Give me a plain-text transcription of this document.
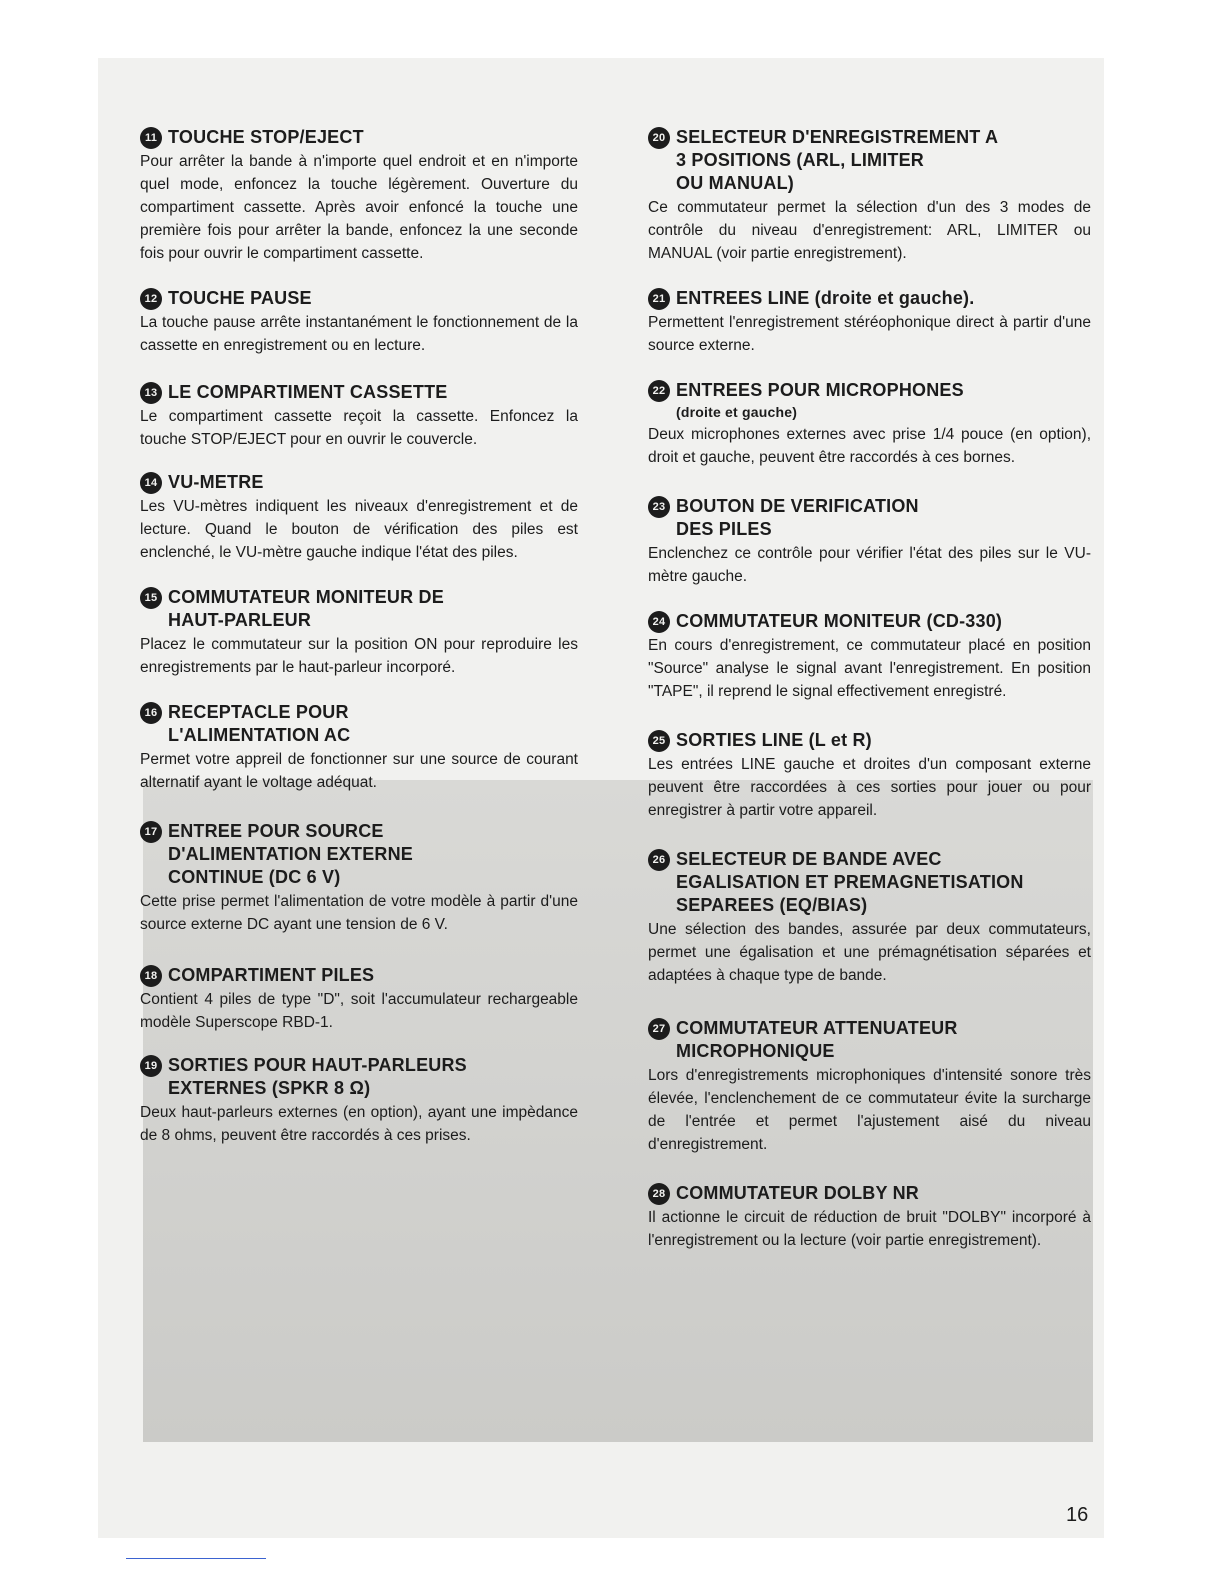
11 TOUCHE STOP/EJECT
Pour arrêter la bande à n'importe quel endroit et en n'importe quel mode, enfoncez la touche légèrement. Ouverture du compartiment cassette. Après avoir enfoncé la touche une première fois pour arrêter la bande, enfoncez la une seconde fois pour ouvrir le compartiment cassette.
12 TOUCHE PAUSE
La touche pause arrête instantanément le fonctionnement de la cassette en enregistrement ou en lecture.
13 LE COMPARTIMENT CASSETTE
Le compartiment cassette reçoit la cassette. Enfoncez la touche STOP/EJECT pour en ouvrir le couvercle.
14 VU-METRE
Les VU-mètres indiquent les niveaux d'enregistrement et de lecture. Quand le bouton de vérification des piles est enclenché, le VU-mètre gauche indique l'état des piles.
15 COMMUTATEUR MONITEUR DE
HAUT-PARLEUR
Placez le commutateur sur la position ON pour reproduire les enregistrements par le haut-parleur incorporé.
16 RECEPTACLE POUR
L'ALIMENTATION AC
Permet votre appreil de fonctionner sur une source de courant alternatif ayant le voltage adéquat.
17 ENTREE POUR SOURCE
D'ALIMENTATION EXTERNE
CONTINUE (DC 6 V)
Cette prise permet l'alimentation de votre modèle à partir d'une source externe DC ayant une tension de 6 V.
18 COMPARTIMENT PILES
Contient 4 piles de type "D", soit l'accumulateur rechargeable modèle Superscope RBD-1.
19 SORTIES POUR HAUT-PARLEURS
EXTERNES (SPKR 8 Ω)
Deux haut-parleurs externes (en option), ayant une impèdance de 8 ohms, peuvent être raccordés à ces prises.
20 SELECTEUR D'ENREGISTREMENT A
3 POSITIONS (ARL, LIMITER
OU MANUAL)
Ce commutateur permet la sélection d'un des 3 modes de contrôle du niveau d'enregistrement: ARL, LIMITER ou MANUAL (voir partie enregistrement).
21 ENTREES LINE (droite et gauche).
Permettent l'enregistrement stéréophonique direct à partir d'une source externe.
22 ENTREES POUR MICROPHONES
(droite et gauche)
Deux microphones externes avec prise 1/4 pouce (en option), droit et gauche, peuvent être raccordés à ces bornes.
23 BOUTON DE VERIFICATION
DES PILES
Enclenchez ce contrôle pour vérifier l'état des piles sur le VU-mètre gauche.
24 COMMUTATEUR MONITEUR (CD-330)
En cours d'enregistrement, ce commutateur placé en position "Source" analyse le signal avant l'enregistrement. En position "TAPE", il reprend le signal effectivement enregistré.
25 SORTIES LINE (L et R)
Les entrées LINE gauche et droites d'un composant externe peuvent être raccordées à ces sorties pour jouer ou pour enregistrer à partir votre appareil.
26 SELECTEUR DE BANDE AVEC
EGALISATION ET PREMAGNETISATION
SEPAREES (EQ/BIAS)
Une sélection des bandes, assurée par deux commutateurs, permet une égalisation et une prémagnétisation séparées et adaptées à chaque type de bande.
27 COMMUTATEUR ATTENUATEUR
MICROPHONIQUE
Lors d'enregistrements microphoniques d'intensité sonore très élevée, l'enclenchement de ce commutateur évite la surcharge de l'entrée et permet l'ajustement aisé du niveau d'enregistrement.
28 COMMUTATEUR DOLBY NR
Il actionne le circuit de réduction de bruit "DOLBY" incorporé à l'enregistrement ou la lecture (voir partie enregistrement).
16
